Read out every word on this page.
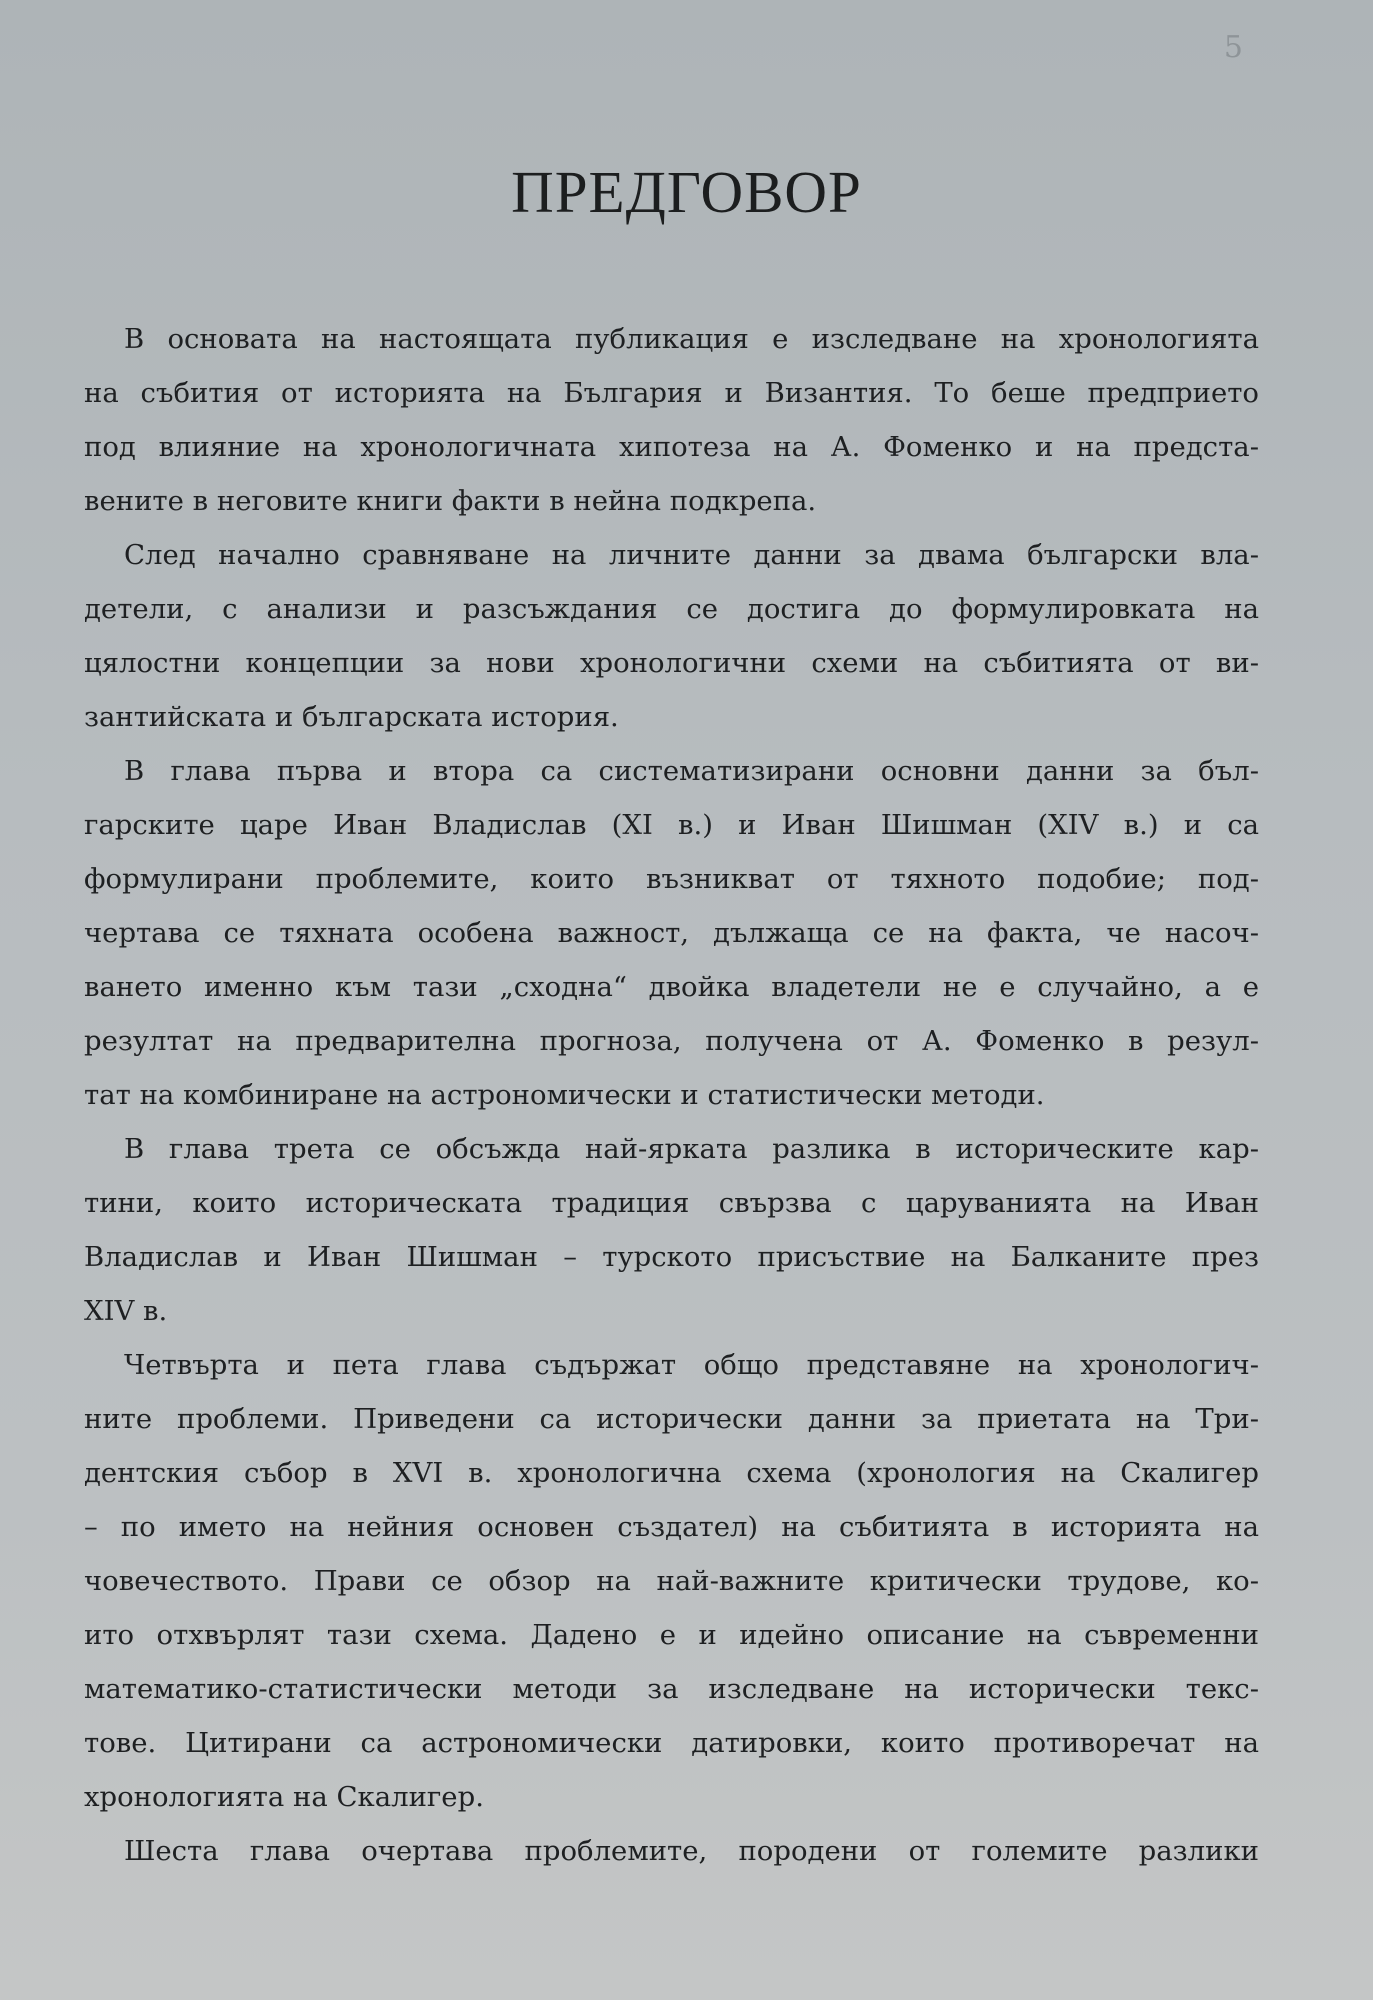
5
ПРЕДГОВОР
В основата на настоящата публикация е изследване на хронологията
на събития от историята на България и Византия. То беше предприето
под влияние на хронологичната хипотеза на А. Фоменко и на предста-
вените в неговите книги факти в нейна подкрепа.
След начално сравняване на личните данни за двама български вла-
детели, с анализи и разсъждания се достига до формулировката на
цялостни концепции за нови хронологични схеми на събитията от ви-
зантийската и българската история.
В глава първа и втора са систематизирани основни данни за бъл-
гарските царе Иван Владислав (XI в.) и Иван Шишман (XIV в.) и са
формулирани проблемите, които възникват от тяхното подобие; под-
чертава се тяхната особена важност, дължаща се на факта, че насоч-
ването именно към тази „сходна“ двойка владетели не е случайно, а е
резултат на предварителна прогноза, получена от А. Фоменко в резул-
тат на комбиниране на астрономически и статистически методи.
В глава трета се обсъжда най-ярката разлика в историческите кар-
тини, които историческата традиция свързва с царуванията на Иван
Владислав и Иван Шишман – турското присъствие на Балканите през
XIV в.
Четвърта и пета глава съдържат общо представяне на хронологич-
ните проблеми. Приведени са исторически данни за приетата на Три-
дентския събор в XVI в. хронологична схема (хронология на Скалигер
– по името на нейния основен създател) на събитията в историята на
човечеството. Прави се обзор на най-важните критически трудове, ко-
ито отхвърлят тази схема. Дадено е и идейно описание на съвременни
математико-статистически методи за изследване на исторически текс-
тове. Цитирани са астрономически датировки, които противоречат на
хронологията на Скалигер.
Шеста глава очертава проблемите, породени от големите разлики
